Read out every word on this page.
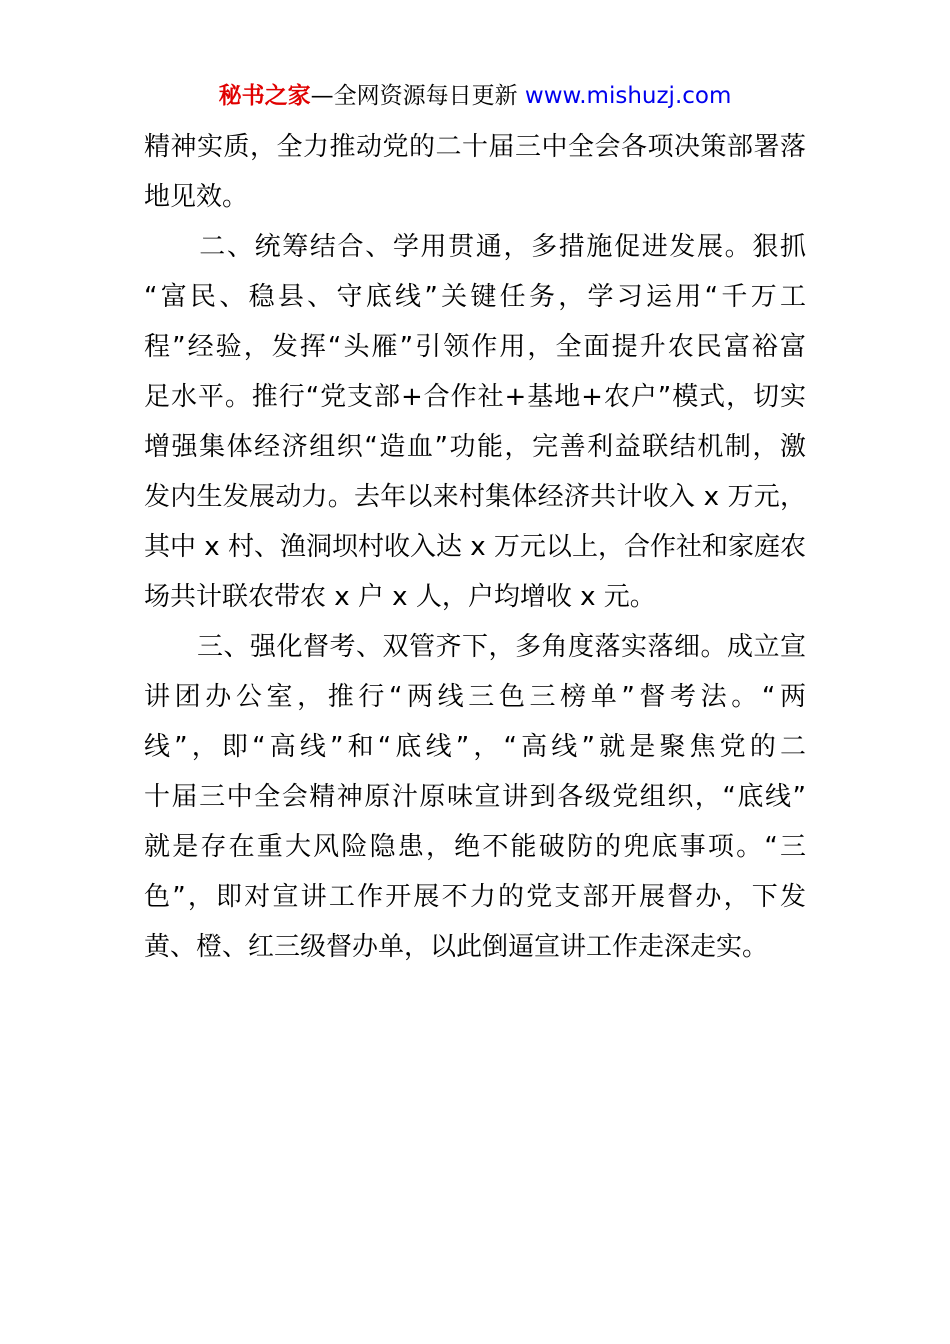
秘书之家—全网资源每日更新 www.mishuzj.com
精神实质，全力推动党的二十届三中全会各项决策部署落
地见效。
　　二、统筹结合、学用贯通，多措施促进发展。狠抓
“富民、稳县、守底线”关键任务，学习运用“千万工
程”经验，发挥“头雁”引领作用，全面提升农民富裕富
足水平。推行“党支部+合作社+基地+农户”模式，切实
增强集体经济组织“造血”功能，完善利益联结机制，激
发内生发展动力。去年以来村集体经济共计收入 x 万元，
其中 x 村、渔洞坝村收入达 x 万元以上，合作社和家庭农
场共计联农带农 x 户 x 人，户均增收 x 元。
　　三、强化督考、双管齐下，多角度落实落细。成立宣
讲团办公室，推行“两线三色三榜单”督考法。“两
线”，即“高线”和“底线”，“高线”就是聚焦党的二
十届三中全会精神原汁原味宣讲到各级党组织，“底线”
就是存在重大风险隐患，绝不能破防的兜底事项。“三
色”，即对宣讲工作开展不力的党支部开展督办，下发
黄、橙、红三级督办单，以此倒逼宣讲工作走深走实。
